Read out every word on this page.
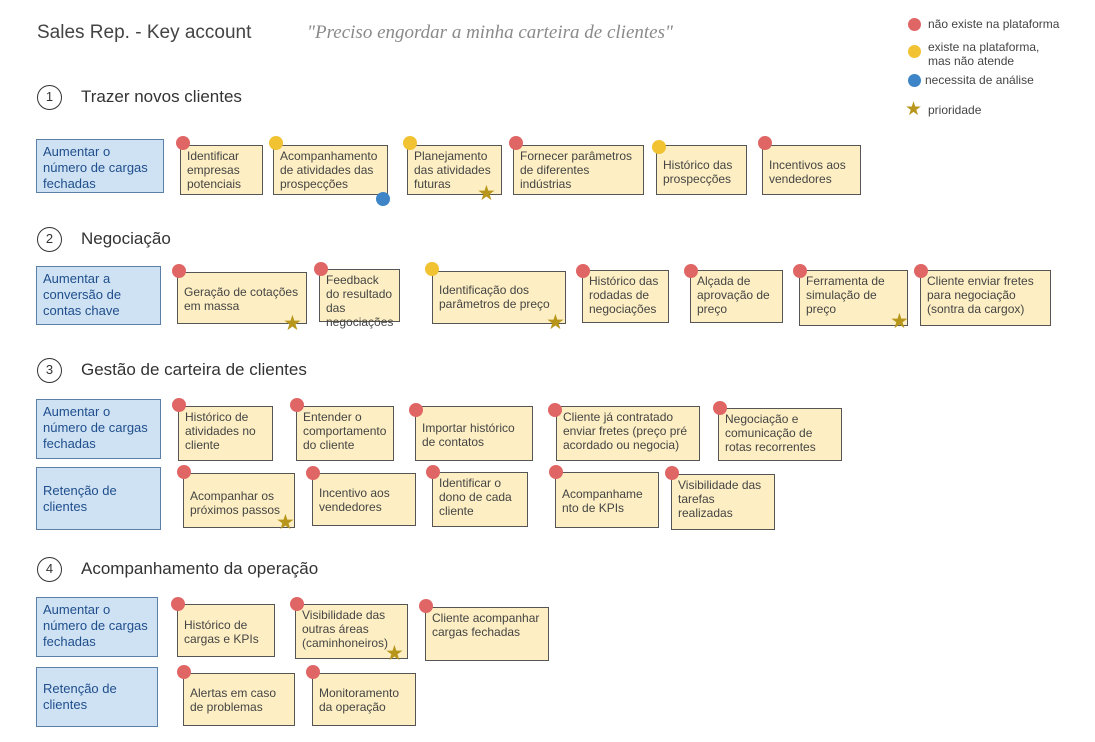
Sales Rep. - Key account	"Preciso engordar a minha carteira de clientes"	não existe na plataforma
existe na plataforma,
mas não atende
necessita de análise
★ prioridade
1	Trazer novos clientes
Aumentar o número de cargas fechadas
Identificar empresas potenciais
Acompanhamento de atividades das prospecções
Planejamento das atividades futuras	★
Fornecer parâmetros de diferentes indústrias
Histórico das prospecções
Incentivos aos vendedores
2	Negociação
Aumentar a conversão de contas chave
Geração de cotações em massa
★
Feedback do resultado das negociações
Identificação dos parâmetros de preço
★
Histórico das rodadas de negociações
Alçada de aprovação de preço
Ferramenta de simulação de preço
★
Cliente enviar fretes para negociação (sontra da cargox)
3	Gestão de carteira de clientes
Aumentar o número de cargas fechadas
Histórico de atividades no cliente
Entender o comportamento do cliente
Importar histórico de contatos
Cliente já contratado enviar fretes (preço pré acordado ou negocia)
Negociação e comunicação de rotas recorrentes
Retenção de clientes
Acompanhar os próximos passos
★
Incentivo aos vendedores
Identificar o dono de cada cliente
Acompanhame nto de KPIs
Visibilidade das tarefas realizadas
4	Acompanhamento da operação
Aumentar o número de cargas fechadas
Histórico de cargas e KPIs
Visibilidade das outras áreas (caminhoneiros)
★
Cliente acompanhar cargas fechadas
Retenção de clientes
Alertas em caso de problemas
Monitoramento da operação
